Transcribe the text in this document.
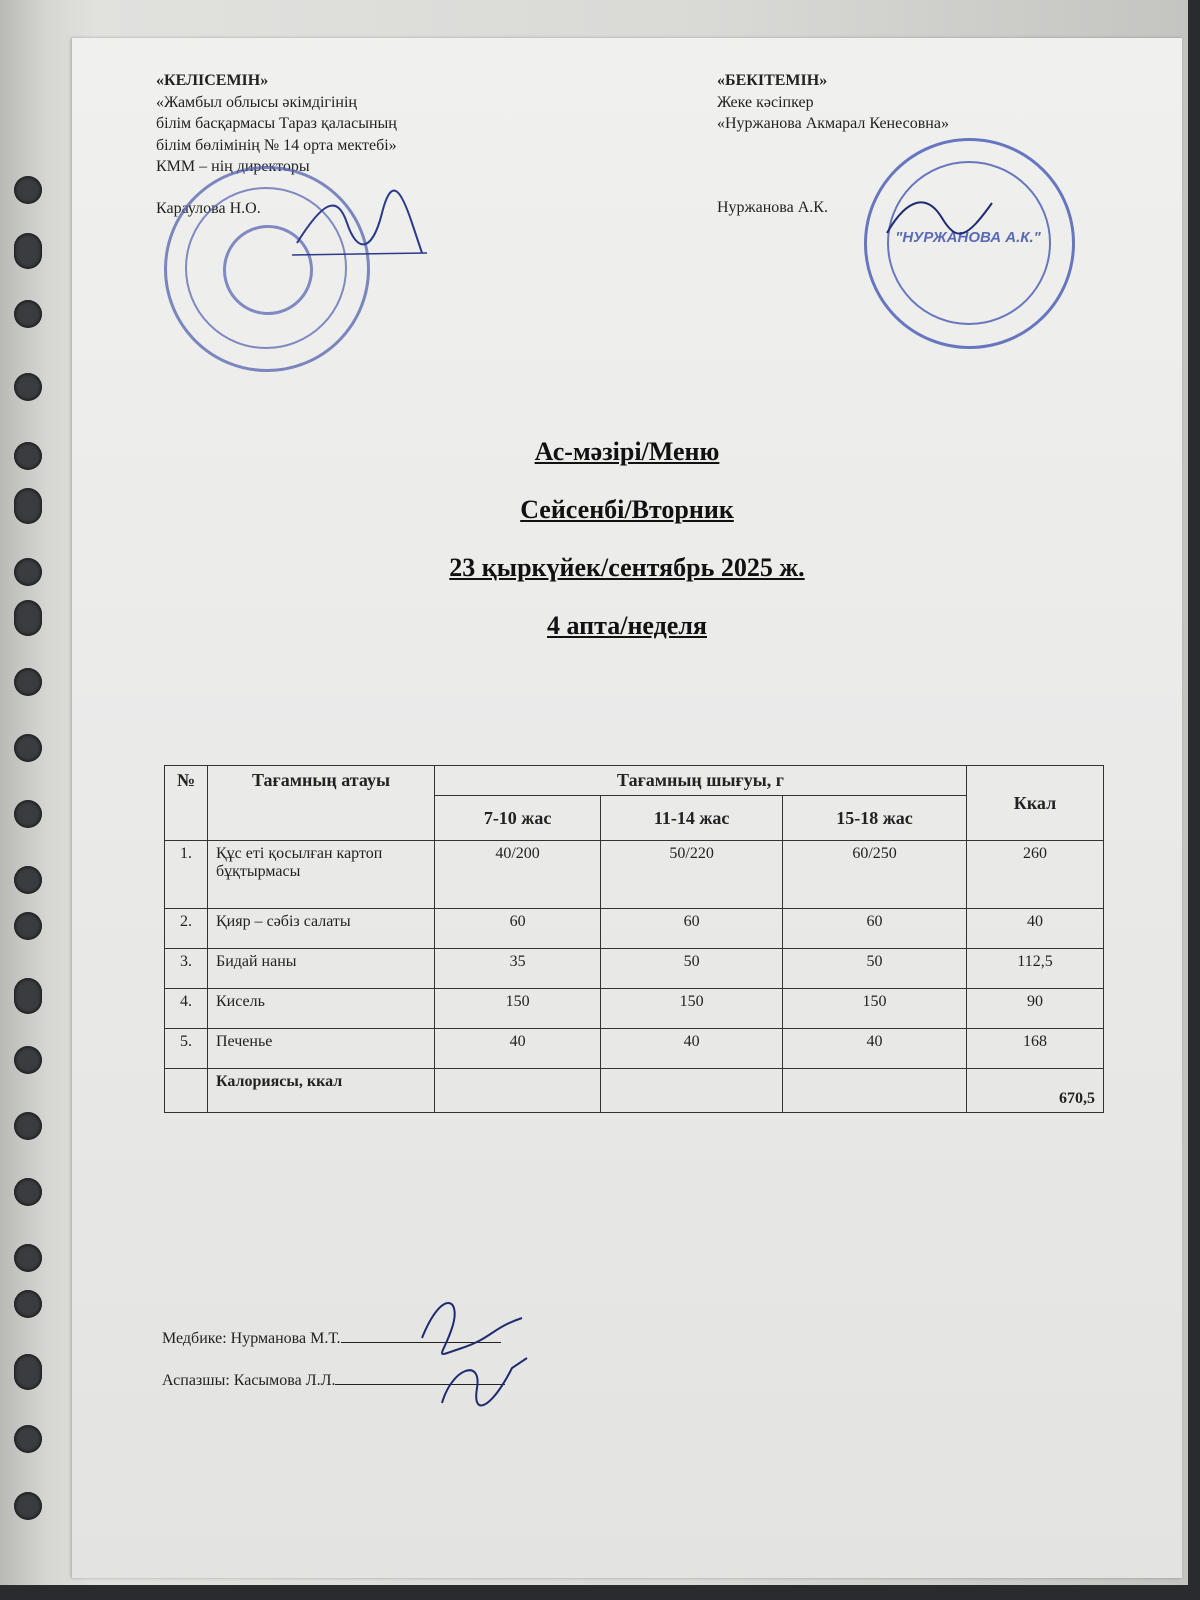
«КЕЛІСЕМІН»
«Жамбыл облысы әкімдігінің
білім басқармасы Тараз қаласының
білім бөлімінің № 14 орта мектебі»
КММ – нің директоры
Караулова Н.О.
«БЕКІТЕМІН»
Жеке кәсіпкер
«Нуржанова Акмарал Кенесовна»
Нуржанова А.К.
"НУРЖАНОВА А.К."
Ас-мәзірі/Меню
Сейсенбі/Вторник
23 қыркүйек/сентябрь 2025 ж.
4 апта/неделя
№	Тағамның атауы	Тағамның шығуы, г			Ккал
		7-10 жас	11-14 жас	15-18 жас	
1.	Құс еті қосылған картоп бұқтырмасы	40/200	50/220	60/250	260
2.	Қияр – сәбіз салаты	60	60	60	40
3.	Бидай наны	35	50	50	112,5
4.	Кисель	150	150	150	90
5.	Печенье	40	40	40	168
	Калориясы, ккал				670,5
Медбике: Нурманова М.Т.
Аспазшы: Касымова Л.Л.
